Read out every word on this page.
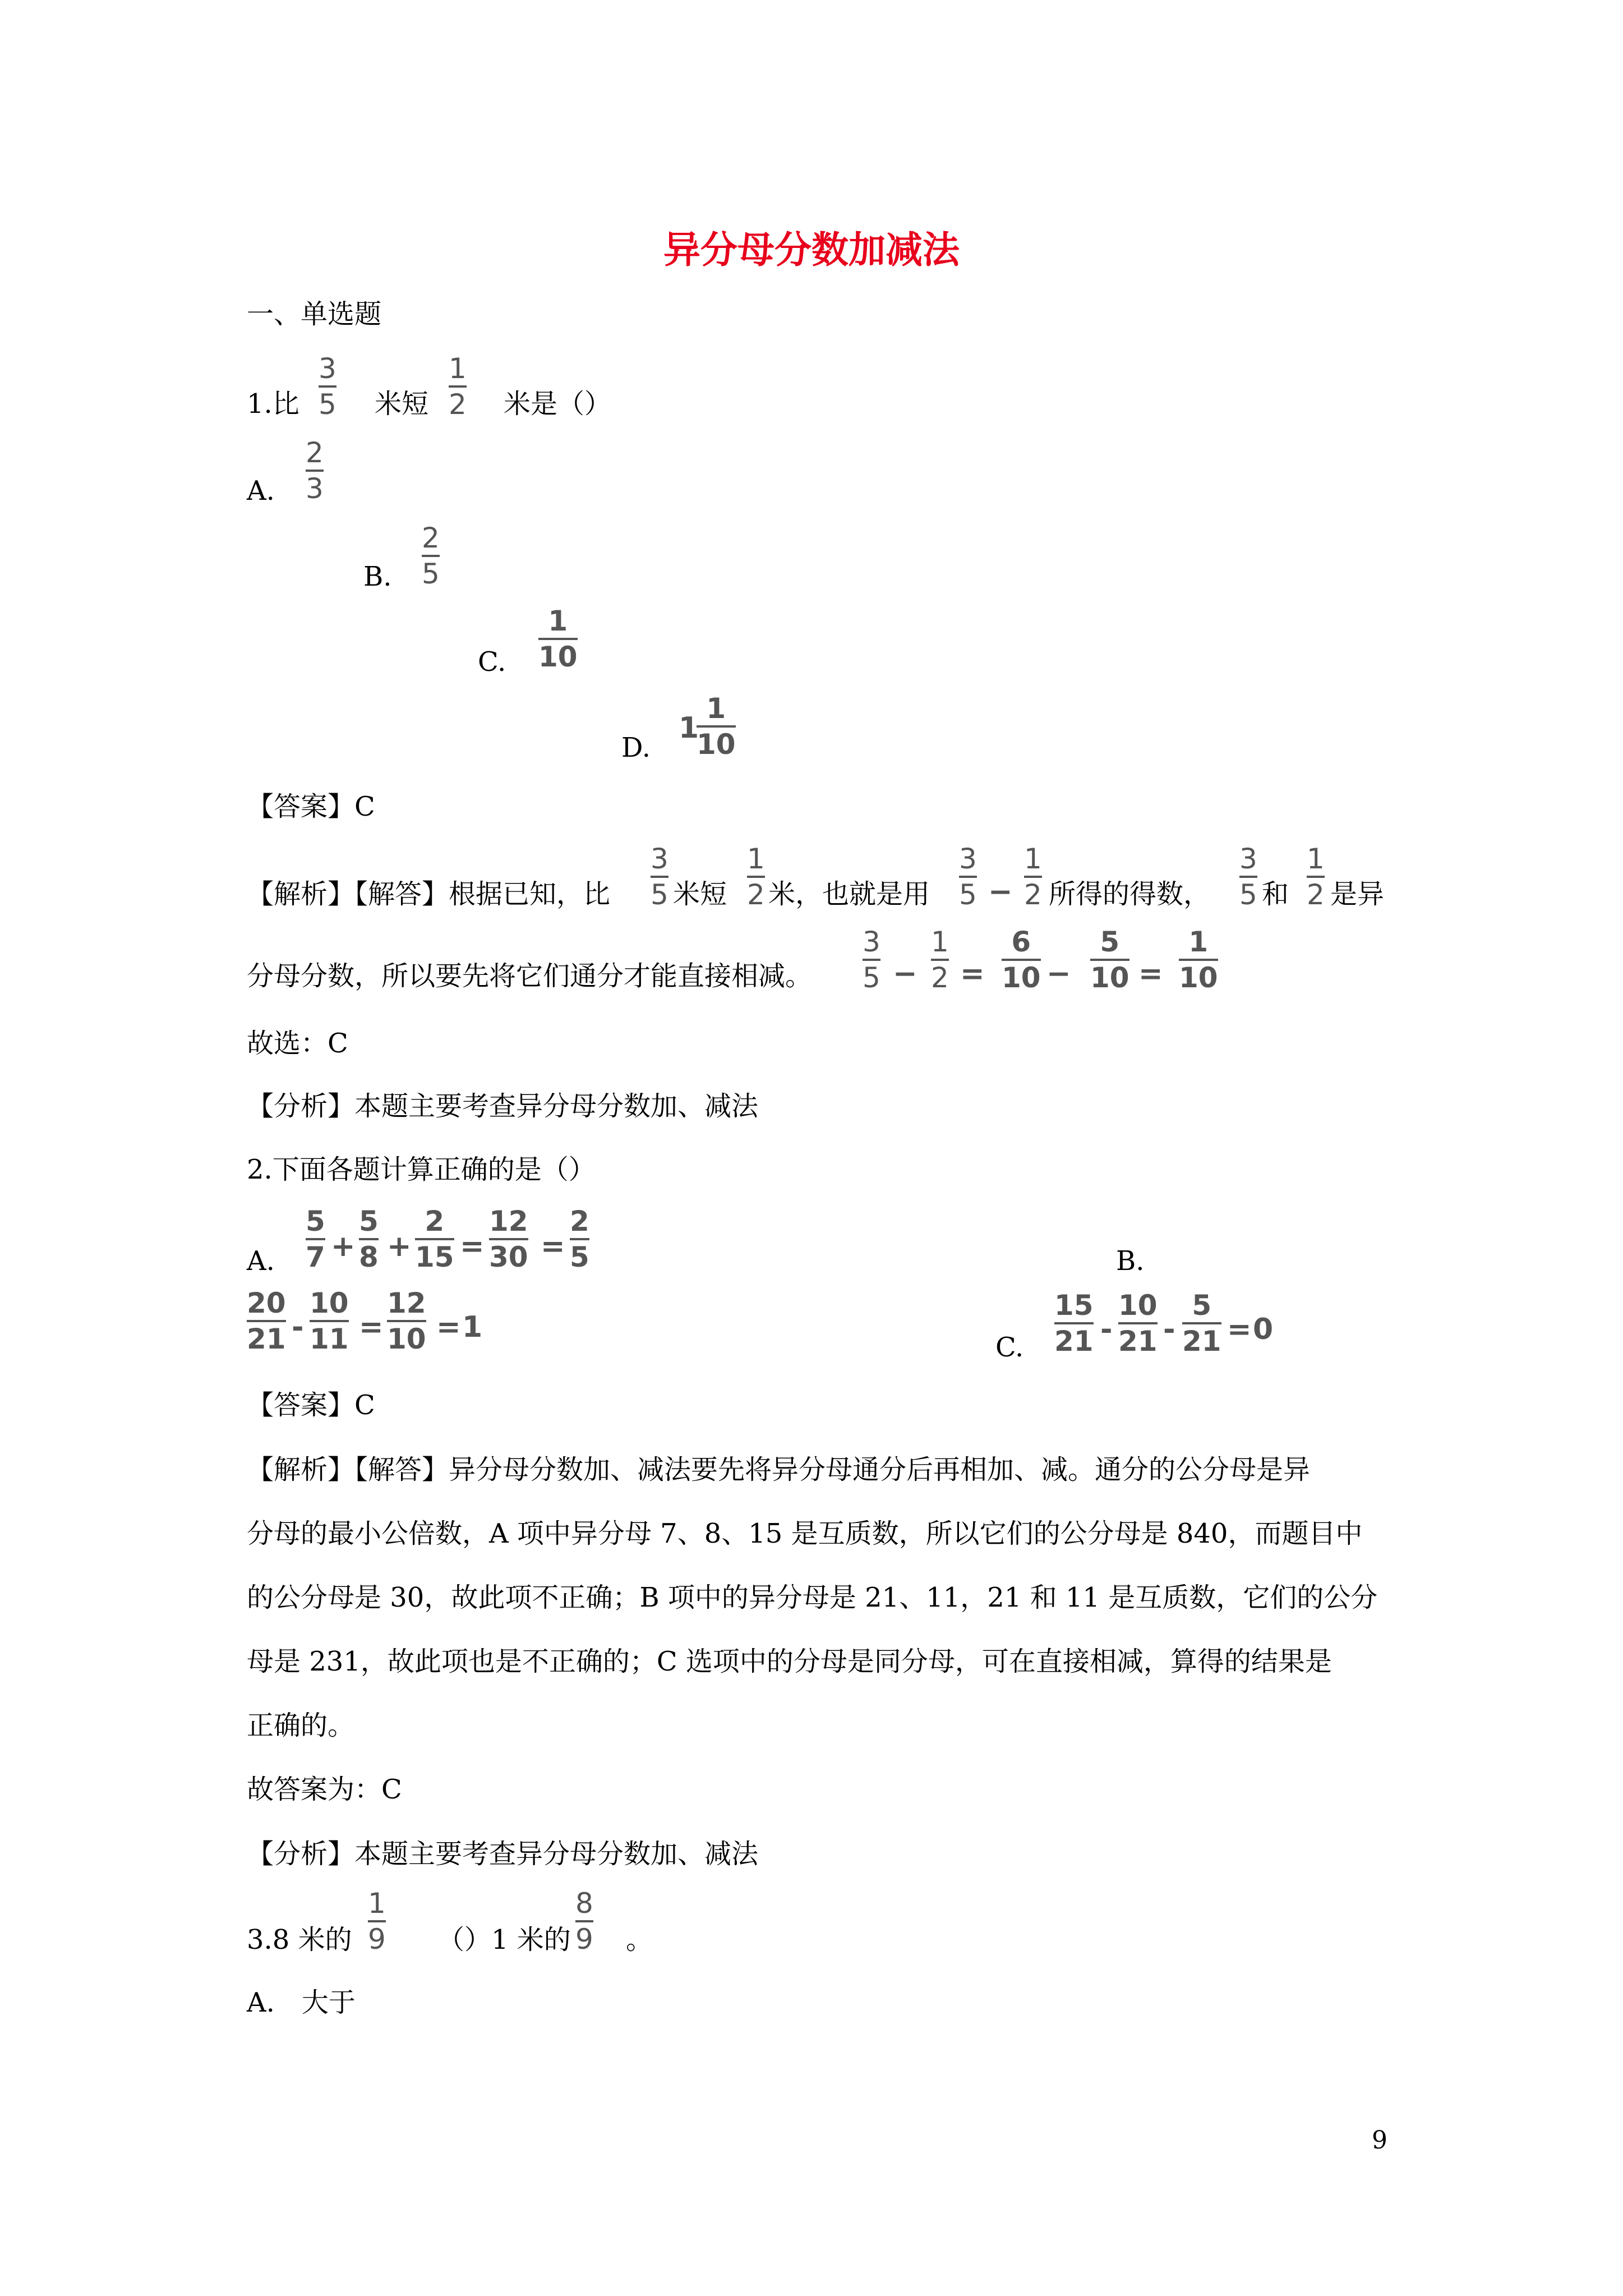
异分母分数加减法
一、单选题
1.比
3
5 米短
1
2 米是（）
A.
2
3
B.
2
5
C.
1
10
D.
1
1
10
【答案】C
【解析】【解答】根据已知，比
3
5 米短
1
2 米，也就是用
3
5 −
1
2 所得的得数，
3
5 和
1
2 是异
分母分数，所以要先将它们通分才能直接相减。
3
5 −
1
2 =
6
10 −
5
10 =
1
10
故选：C
【分析】本题主要考查异分母分数加、减法
2.下面各题计算正确的是（）
A.
5
7 +
5
8 +
2
15 =
12
30 =
2
5	B.
20
21 -
10
11 =
12
10 = 1
C.
15
21 -
10
21 -
5
21 = 0
【答案】C
【解析】【解答】异分母分数加、减法要先将异分母通分后再相加、减。通分的公分母是异
分母的最小公倍数，A 项中异分母 7、8、15 是互质数，所以它们的公分母是 840，而题目中
的公分母是 30，故此项不正确；B 项中的异分母是 21、11，21 和 11 是互质数，它们的公分
母是 231，故此项也是不正确的；C 选项中的分母是同分母，可在直接相减，算得的结果是
正确的。
故答案为：C
【分析】本题主要考查异分母分数加、减法
3.8 米的
1
9 （）1 米的
8
9 。
A.　大于
9
